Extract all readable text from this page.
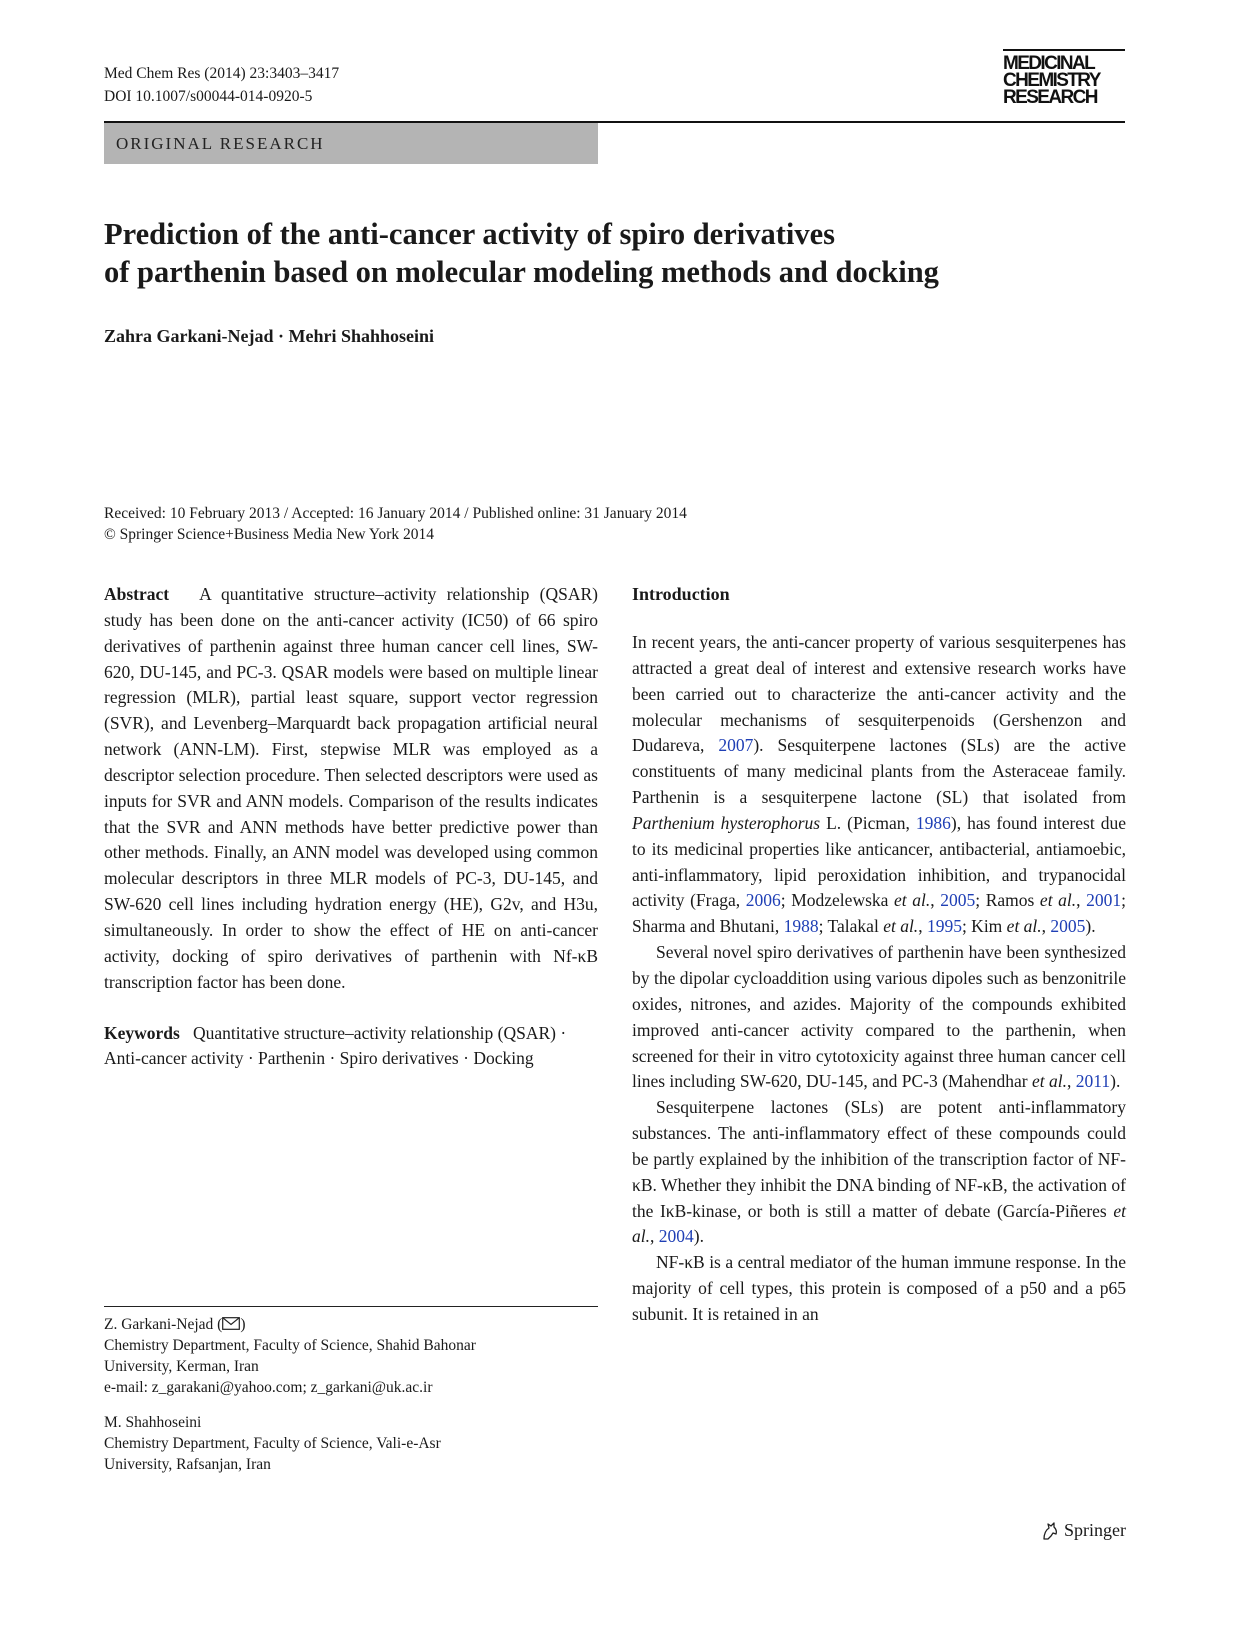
Med Chem Res (2014) 23:3403–3417
DOI 10.1007/s00044-014-0920-5
MEDICINAL
CHEMISTRY
RESEARCH
ORIGINAL RESEARCH
Prediction of the anti-cancer activity of spiro derivatives
of parthenin based on molecular modeling methods and docking
Zahra Garkani-Nejad · Mehri Shahhoseini
Received: 10 February 2013 / Accepted: 16 January 2014 / Published online: 31 January 2014
© Springer Science+Business Media New York 2014

Abstract A quantitative structure–activity relationship (QSAR) study has been done on the anti-cancer activity (IC50) of 66 spiro derivatives of parthenin against three human cancer cell lines, SW-620, DU-145, and PC-3. QSAR models were based on multiple linear regression (MLR), partial least square, support vector regression (SVR), and Levenberg–Marquardt back propagation artificial neural network (ANN-LM). First, stepwise MLR was employed as a descriptor selection procedure. Then selected descriptors were used as inputs for SVR and ANN models. Comparison of the results indicates that the SVR and ANN methods have better predictive power than other methods. Finally, an ANN model was developed using common molecular descriptors in three MLR models of PC-3, DU-145, and SW-620 cell lines including hydration energy (HE), G2v, and H3u, simultaneously. In order to show the effect of HE on anti-cancer activity, docking of spiro derivatives of parthenin with Nf-κB transcription factor has been done.

Keywords Quantitative structure–activity relationship (QSAR) · Anti-cancer activity · Parthenin · Spiro derivatives · Docking

Z. Garkani-Nejad ( )
Chemistry Department, Faculty of Science, Shahid Bahonar
University, Kerman, Iran
e-mail: z_garakani@yahoo.com; z_garkani@uk.ac.ir
M. Shahhoseini
Chemistry Department, Faculty of Science, Vali-e-Asr
University, Rafsanjan, Iran
Introduction

In recent years, the anti-cancer property of various sesquiterpenes has attracted a great deal of interest and extensive research works have been carried out to characterize the anti-cancer activity and the molecular mechanisms of sesquiterpenoids (Gershenzon and Dudareva, 2007). Sesquiterpene lactones (SLs) are the active constituents of many medicinal plants from the Asteraceae family. Parthenin is a sesquiterpene lactone (SL) that isolated from Parthenium hysterophorus L. (Picman, 1986), has found interest due to its medicinal properties like anticancer, antibacterial, antiamoebic, anti-inflammatory, lipid peroxidation inhibition, and trypanocidal activity (Fraga, 2006; Modzelewska et al., 2005; Ramos et al., 2001; Sharma and Bhutani, 1988; Talakal et al., 1995; Kim et al., 2005).

Several novel spiro derivatives of parthenin have been synthesized by the dipolar cycloaddition using various dipoles such as benzonitrile oxides, nitrones, and azides. Majority of the compounds exhibited improved anti-cancer activity compared to the parthenin, when screened for their in vitro cytotoxicity against three human cancer cell lines including SW-620, DU-145, and PC-3 (Mahendhar et al., 2011).

Sesquiterpene lactones (SLs) are potent anti-inflammatory substances. The anti-inflammatory effect of these compounds could be partly explained by the inhibition of the transcription factor of NF-κB. Whether they inhibit the DNA binding of NF-κB, the activation of the IκB-kinase, or both is still a matter of debate (García-Piñeres et al., 2004).

NF-κB is a central mediator of the human immune response. In the majority of cell types, this protein is composed of a p50 and a p65 subunit. It is retained in an

Springer
